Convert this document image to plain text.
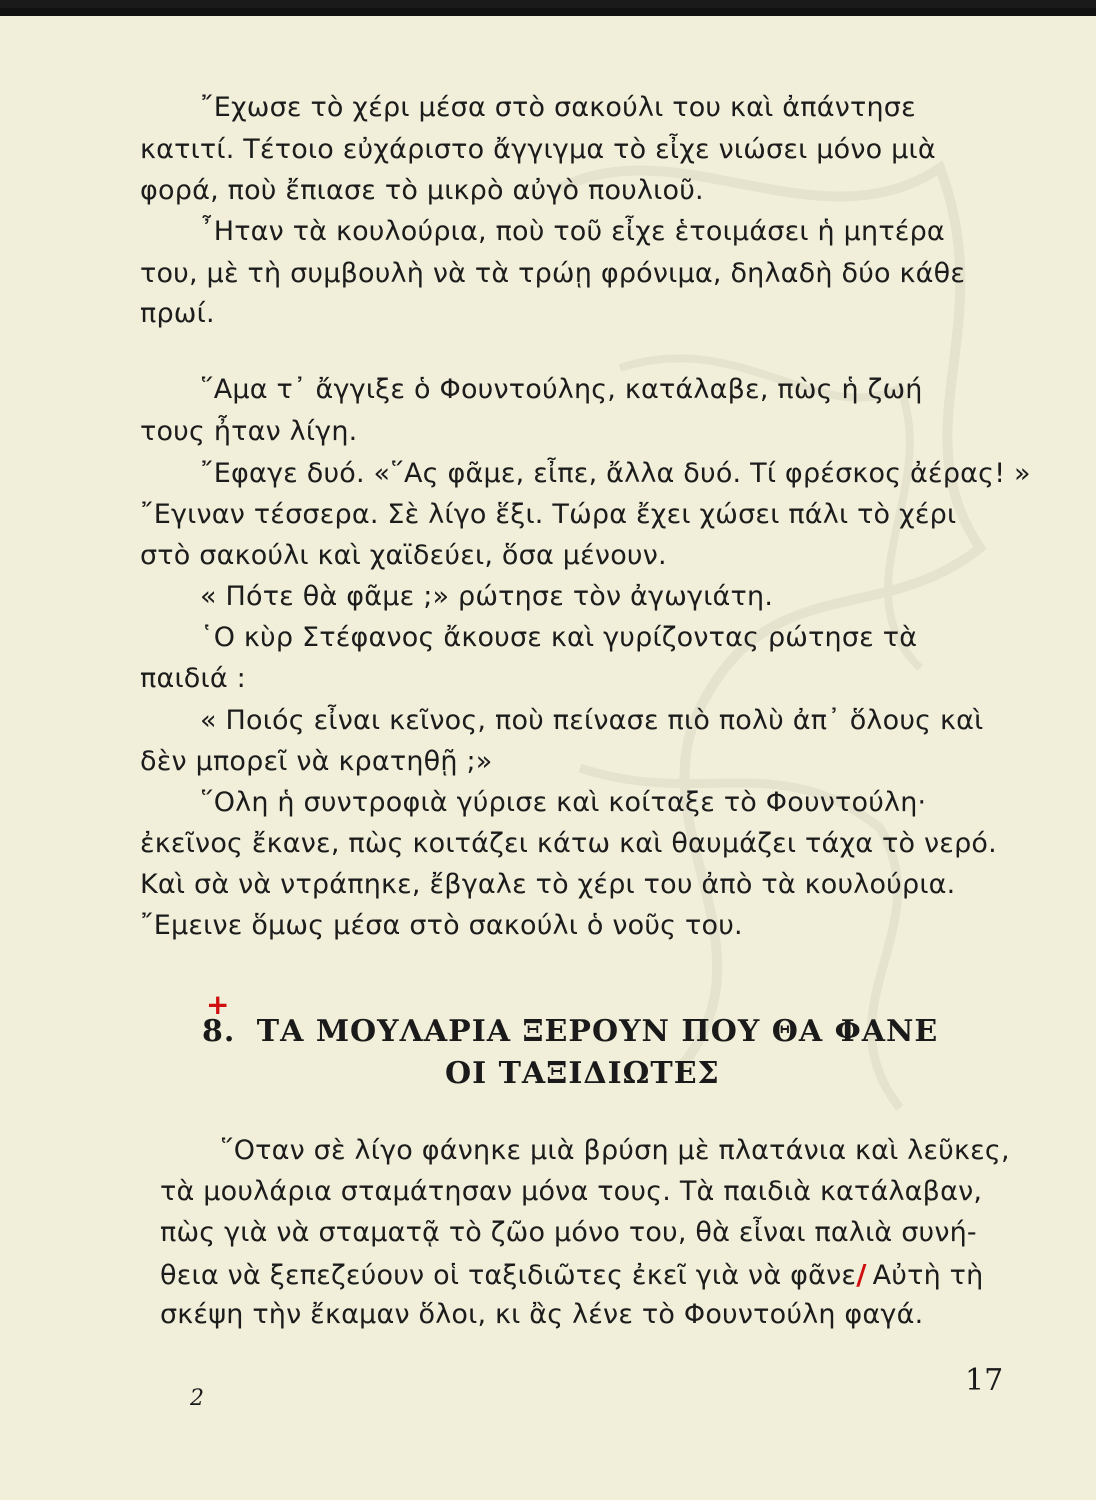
῎Εχωσε τὸ χέρι μέσα στὸ σακούλι του καὶ ἀπάντησε
κατιτί. Τέτοιο εὐχάριστο ἄγγιγμα τὸ εἶχε νιώσει μόνο μιὰ
φορά, ποὺ ἔπιασε τὸ μικρὸ αὐγὸ πουλιοῦ.
῏Ηταν τὰ κουλούρια, ποὺ τοῦ εἶχε ἑτοιμάσει ἡ μητέρα
του, μὲ τὴ συμβουλὴ νὰ τὰ τρώῃ φρόνιμα, δηλαδὴ δύο κάθε
πρωί.
῞Αμα τ᾽ ἄγγιξε ὁ Φουντούλης, κατάλαβε, πὼς ἡ ζωή
τους ἦταν λίγη.
῎Εφαγε δυό. «῞Ας φᾶμε, εἶπε, ἄλλα δυό. Τί φρέσκος ἀέρας! »
῎Εγιναν τέσσερα. Σὲ λίγο ἕξι. Τώρα ἔχει χώσει πάλι τὸ χέρι
στὸ σακούλι καὶ χαϊδεύει, ὅσα μένουν.
« Πότε θὰ φᾶμε ;» ρώτησε τὸν ἀγωγιάτη.
῾Ο κὺρ Στέφανος ἄκουσε καὶ γυρίζοντας ρώτησε τὰ
παιδιά :
« Ποιός εἶναι κεῖνος, ποὺ πείνασε πιὸ πολὺ ἀπ᾽ ὅλους καὶ
δὲν μπορεῖ νὰ κρατηθῇ ;»
῞Ολη ἡ συντροφιὰ γύρισε καὶ κοίταξε τὸ Φουντούλη·
ἐκεῖνος ἔκανε, πὼς κοιτάζει κάτω καὶ θαυμάζει τάχα τὸ νερό.
Καὶ σὰ νὰ ντράπηκε, ἔβγαλε τὸ χέρι του ἀπὸ τὰ κουλούρια.
῎Εμεινε ὅμως μέσα στὸ σακούλι ὁ νοῦς του.
+
8. ΤΑ ΜΟΥΛΑΡΙΑ ΞΕΡΟΥΝ ΠΟΥ ΘΑ ΦΑΝΕ
ΟΙ ΤΑΞΙΔΙΩΤΕΣ
῞Οταν σὲ λίγο φάνηκε μιὰ βρύση μὲ πλατάνια καὶ λεῦκες,
τὰ μουλάρια σταμάτησαν μόνα τους. Τὰ παιδιὰ κατάλαβαν,
πὼς γιὰ νὰ σταματᾷ τὸ ζῶο μόνο του, θὰ εἶναι παλιὰ συνή-
θεια νὰ ξεπεζεύουν οἱ ταξιδιῶτες ἐκεῖ γιὰ νὰ φᾶνε/ Αὐτὴ τὴ
σκέψη τὴν ἔκαμαν ὅλοι, κι ἂς λένε τὸ Φουντούλη φαγά.
2
17
